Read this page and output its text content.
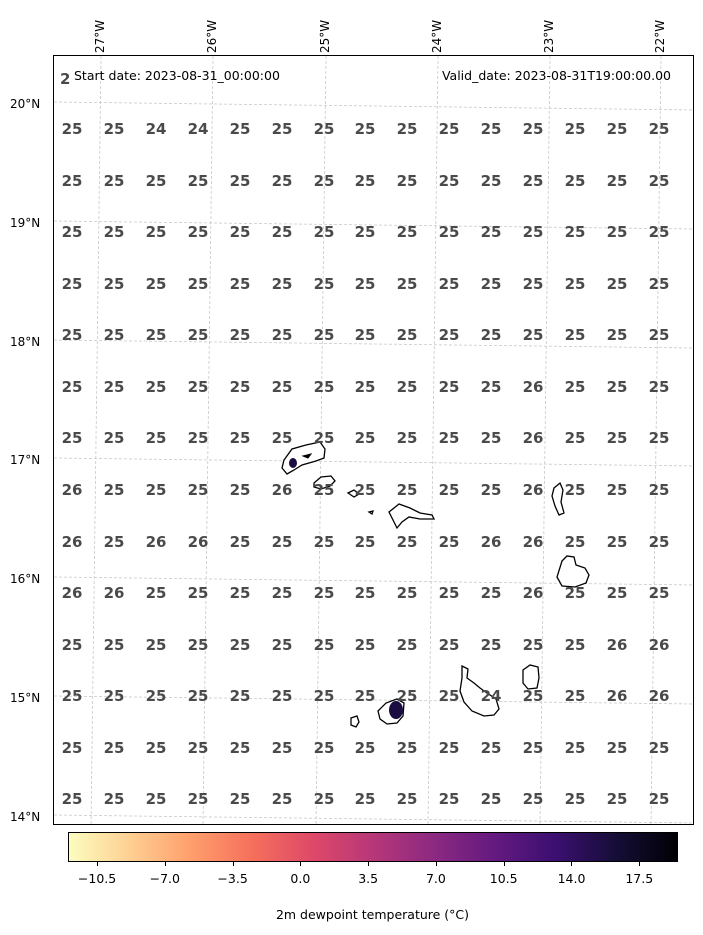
27°W	26°W	25°W	24°W	23°W	22°W
20°N
19°N
18°N
17°N
16°N
15°N
14°N
25 25 24 24 25 25 25 25 25 25 25 25 25 25 25
25 25 25 25 25 25 25 25 25 25 25 25 25 25 25
25 25 25 25 25 25 25 25 25 25 25 25 25 25 25
25 25 25 25 25 25 25 25 25 25 25 25 25 25 25
25 25 25 25 25 25 25 25 25 25 25 25 25 25 25
25 25 25 25 25 25 25 25 25 25 25 26 25 25 25
25 25 25 25 25 25 25 25 25 25 25 26 25 25 25
26 25 25 25 25 26 25 25 25 25 25 26 25 25 25
26 25 26 26 25 25 25 25 25 25 26 26 25 25 25
26 26 25 25 25 25 25 25 25 25 25 26 25 25 25
25 25 25 25 25 25 25 25 25 25 25 25 25 26 26
25 25 25 25 25 25 25 25 25 25 24 25 25 26 26
25 25 25 25 25 25 25 25 25 25 25 25 25 25 25
25 25 25 25 25 25 25 25 25 25 25 25 25 25 25
2 Start date: 2023-08-31_00:00:00	Valid_date: 2023-08-31T19:00:00.00
−10.5	−7.0	−3.5	0.0	3.5	7.0	10.5	14.0	17.5
2m dewpoint temperature (°C)
